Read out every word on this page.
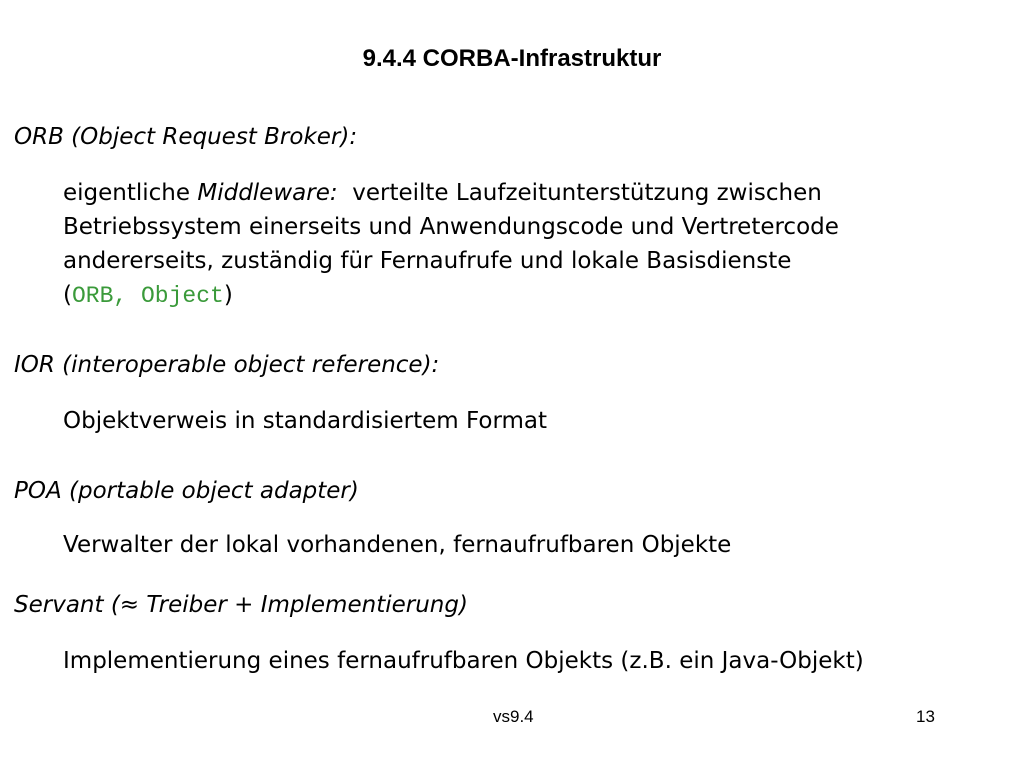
9.4.4 CORBA-Infrastruktur
ORB (Object Request Broker):
eigentliche Middleware:  verteilte Laufzeitunterstützung zwischen
Betriebssystem einerseits und Anwendungscode und Vertretercode
andererseits, zuständig für Fernaufrufe und lokale Basisdienste
(ORB, Object)
IOR (interoperable object reference):
Objektverweis in standardisiertem Format
POA (portable object adapter)
Verwalter der lokal vorhandenen, fernaufrufbaren Objekte
Servant (≈ Treiber + Implementierung)
Implementierung eines fernaufrufbaren Objekts (z.B. ein Java-Objekt)
vs9.4	13
